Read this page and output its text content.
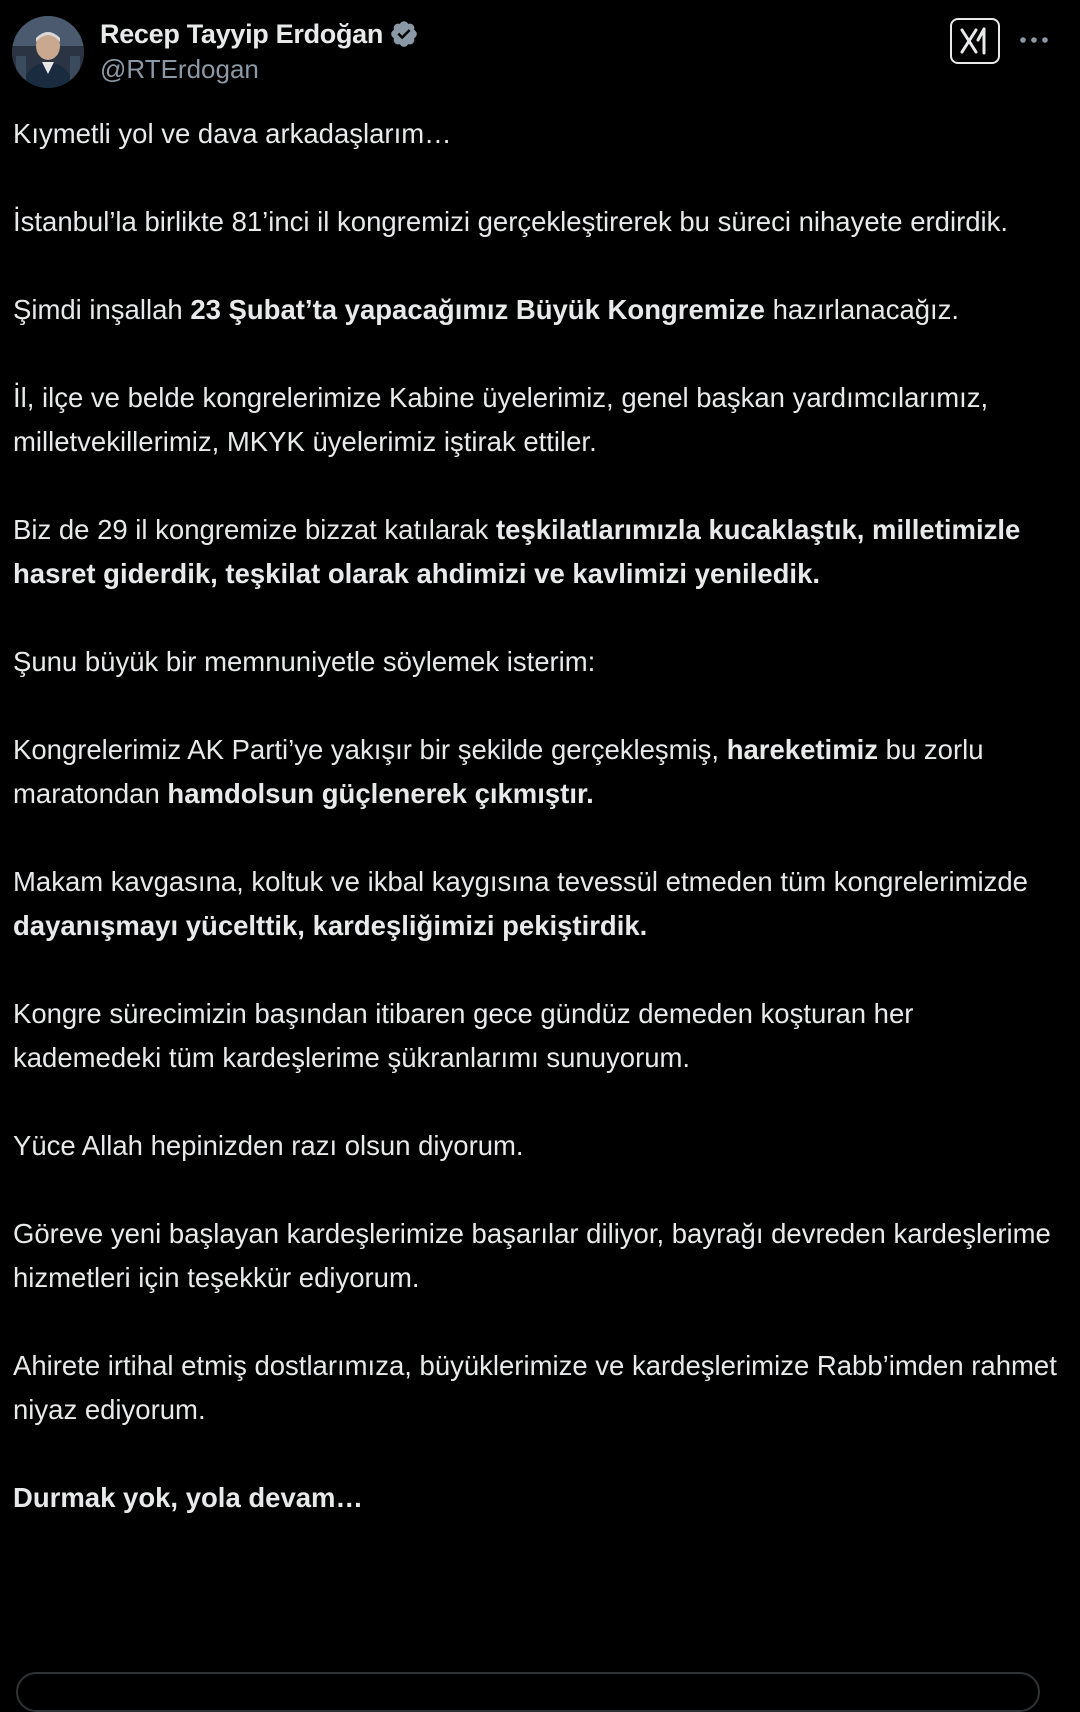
Recep Tayyip Erdoğan
@RTErdogan

Kıymetli yol ve dava arkadaşlarım…

İstanbul’la birlikte 81’inci il kongremizi gerçekleştirerek bu süreci nihayete erdirdik.

Şimdi inşallah 23 Şubat’ta yapacağımız Büyük Kongremize hazırlanacağız.

İl, ilçe ve belde kongrelerimize Kabine üyelerimiz, genel başkan yardımcılarımız, milletvekillerimiz, MKYK üyelerimiz iştirak ettiler.

Biz de 29 il kongremize bizzat katılarak teşkilatlarımızla kucaklaştık, milletimizle hasret giderdik, teşkilat olarak ahdimizi ve kavlimizi yeniledik.

Şunu büyük bir memnuniyetle söylemek isterim:

Kongrelerimiz AK Parti’ye yakışır bir şekilde gerçekleşmiş, hareketimiz bu zorlu maratondan hamdolsun güçlenerek çıkmıştır.

Makam kavgasına, koltuk ve ikbal kaygısına tevessül etmeden tüm kongrelerimizde dayanışmayı yücelttik, kardeşliğimizi pekiştirdik.

Kongre sürecimizin başından itibaren gece gündüz demeden koşturan her kademedeki tüm kardeşlerime şükranlarımı sunuyorum.

Yüce Allah hepinizden razı olsun diyorum.

Göreve yeni başlayan kardeşlerimize başarılar diliyor, bayrağı devreden kardeşlerime hizmetleri için teşekkür ediyorum.

Ahirete irtihal etmiş dostlarımıza, büyüklerimize ve kardeşlerimize Rabb’imden rahmet niyaz ediyorum.

Durmak yok, yola devam…
